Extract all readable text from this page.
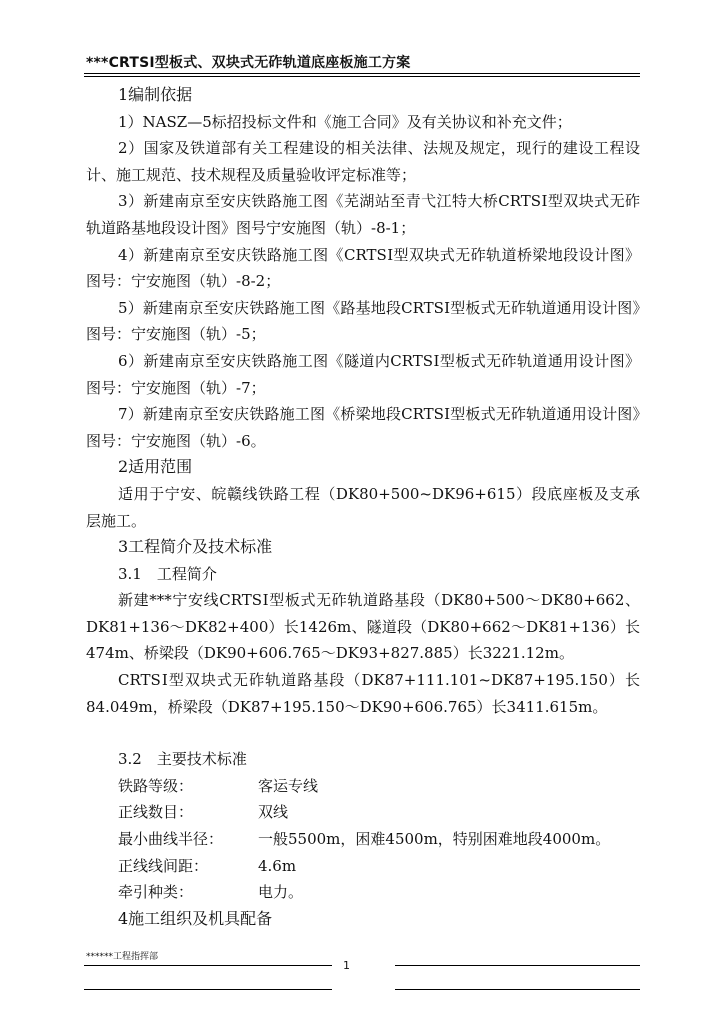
***CRTSⅠ型板式、双块式无砟轨道底座板施工方案

1编制依据

1）NASZ—5标招投标文件和《施工合同》及有关协议和补充文件；

2）国家及铁道部有关工程建设的相关法律、法规及规定，现行的建设工程设计、施工规范、技术规程及质量验收评定标准等；

3）新建南京至安庆铁路施工图《芜湖站至青弋江特大桥CRTSⅠ型双块式无砟轨道路基地段设计图》图号宁安施图（轨）-8-1；

4）新建南京至安庆铁路施工图《CRTSⅠ型双块式无砟轨道桥梁地段设计图》图号：宁安施图（轨）-8-2；

5）新建南京至安庆铁路施工图《路基地段CRTSⅠ型板式无砟轨道通用设计图》图号：宁安施图（轨）-5；

6）新建南京至安庆铁路施工图《隧道内CRTSⅠ型板式无砟轨道通用设计图》图号：宁安施图（轨）-7；

7）新建南京至安庆铁路施工图《桥梁地段CRTSⅠ型板式无砟轨道通用设计图》图号：宁安施图（轨）-6。

2适用范围

适用于宁安、皖赣线铁路工程（DK80+500~DK96+615）段底座板及支承层施工。

3工程简介及技术标准

3.1　工程简介

新建***宁安线CRTSⅠ型板式无砟轨道路基段（DK80+500～DK80+662、DK81+136～DK82+400）长1426m、隧道段（DK80+662～DK81+136）长474m、桥梁段（DK90+606.765～DK93+827.885）长3221.12m。

CRTSⅠ型双块式无砟轨道路基段（DK87+111.101~DK87+195.150）长84.049m，桥梁段（DK87+195.150～DK90+606.765）长3411.615m。

3.2　主要技术标准

铁路等级：	客运专线
正线数目：	双线
最小曲线半径：	一般5500m，困难4500m，特别困难地段4000m。
正线线间距：	4.6m
牵引种类：	电力。

4施工组织及机具配备

******工程指挥部
1
